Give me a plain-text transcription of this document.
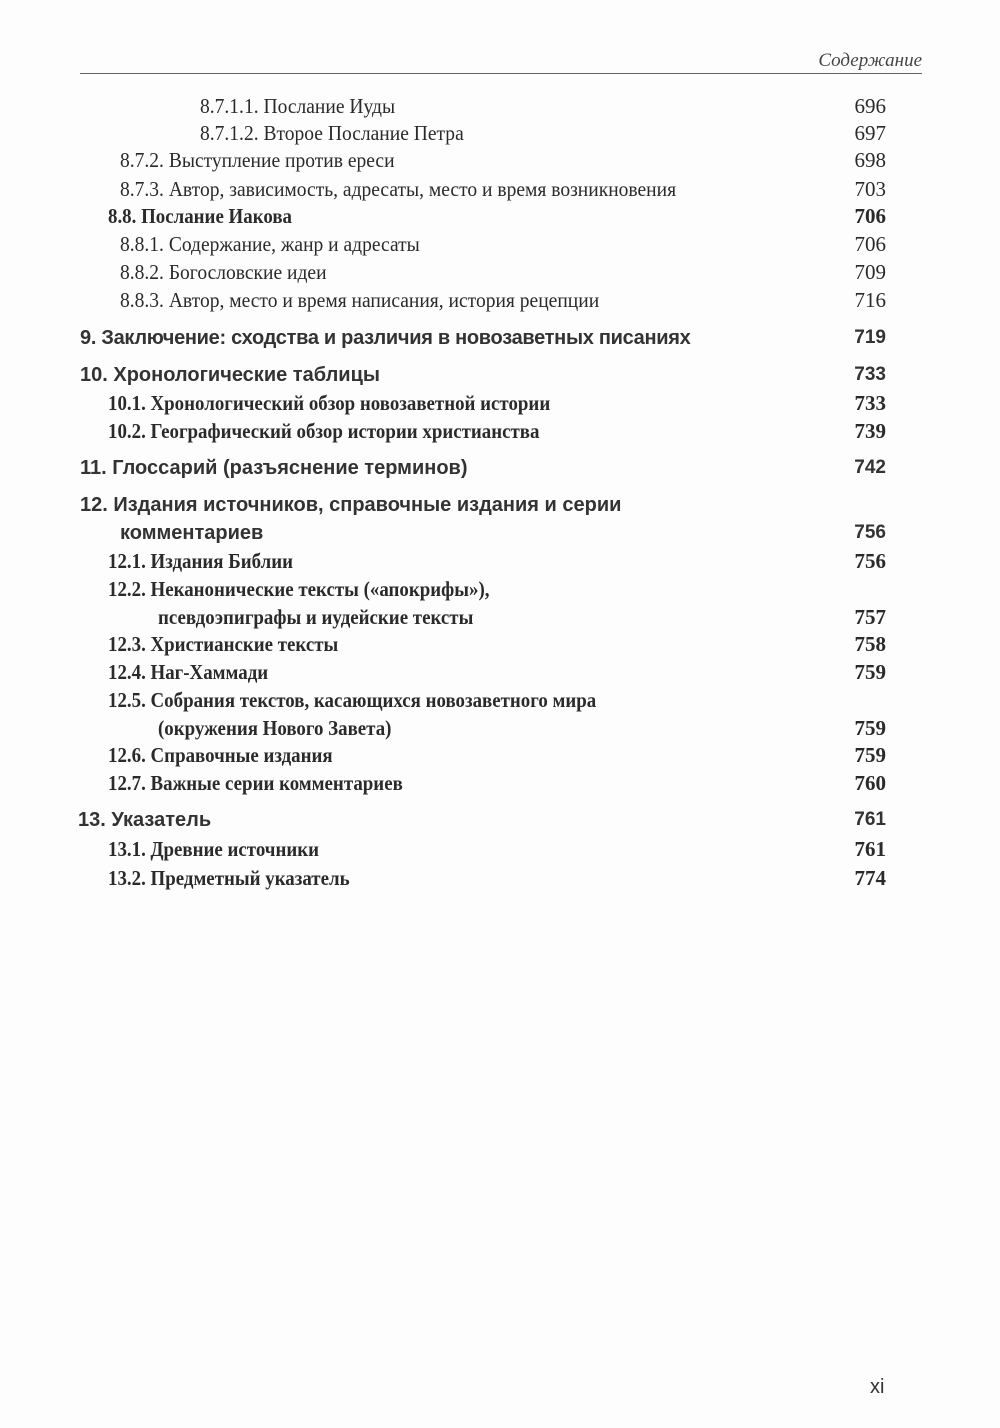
Содержание
8.7.1.1. Послание Иуды	696
8.7.1.2. Второе Послание Петра	697
8.7.2. Выступление против ереси	698
8.7.3. Автор, зависимость, адресаты, место и время возникновения	703
8.8. Послание Иакова	706
8.8.1. Содержание, жанр и адресаты	706
8.8.2. Богословские идеи	709
8.8.3. Автор, место и время написания, история рецепции	716
9. Заключение: сходства и различия в новозаветных писаниях	719
10. Хронологические таблицы	733
10.1. Хронологический обзор новозаветной истории	733
10.2. Географический обзор истории христианства	739
11. Глоссарий (разъяснение терминов)	742
12. Издания источников, справочные издания и серии
комментариев	756
12.1. Издания Библии	756
12.2. Неканонические тексты («апокрифы»),
псевдоэпиграфы и иудейские тексты	757
12.3. Христианские тексты	758
12.4. Наг-Хаммади	759
12.5. Собрания текстов, касающихся новозаветного мира
(окружения Нового Завета)	759
12.6. Справочные издания	759
12.7. Важные серии комментариев	760
13. Указатель	761
13.1. Древние источники	761
13.2. Предметный указатель	774
xi
